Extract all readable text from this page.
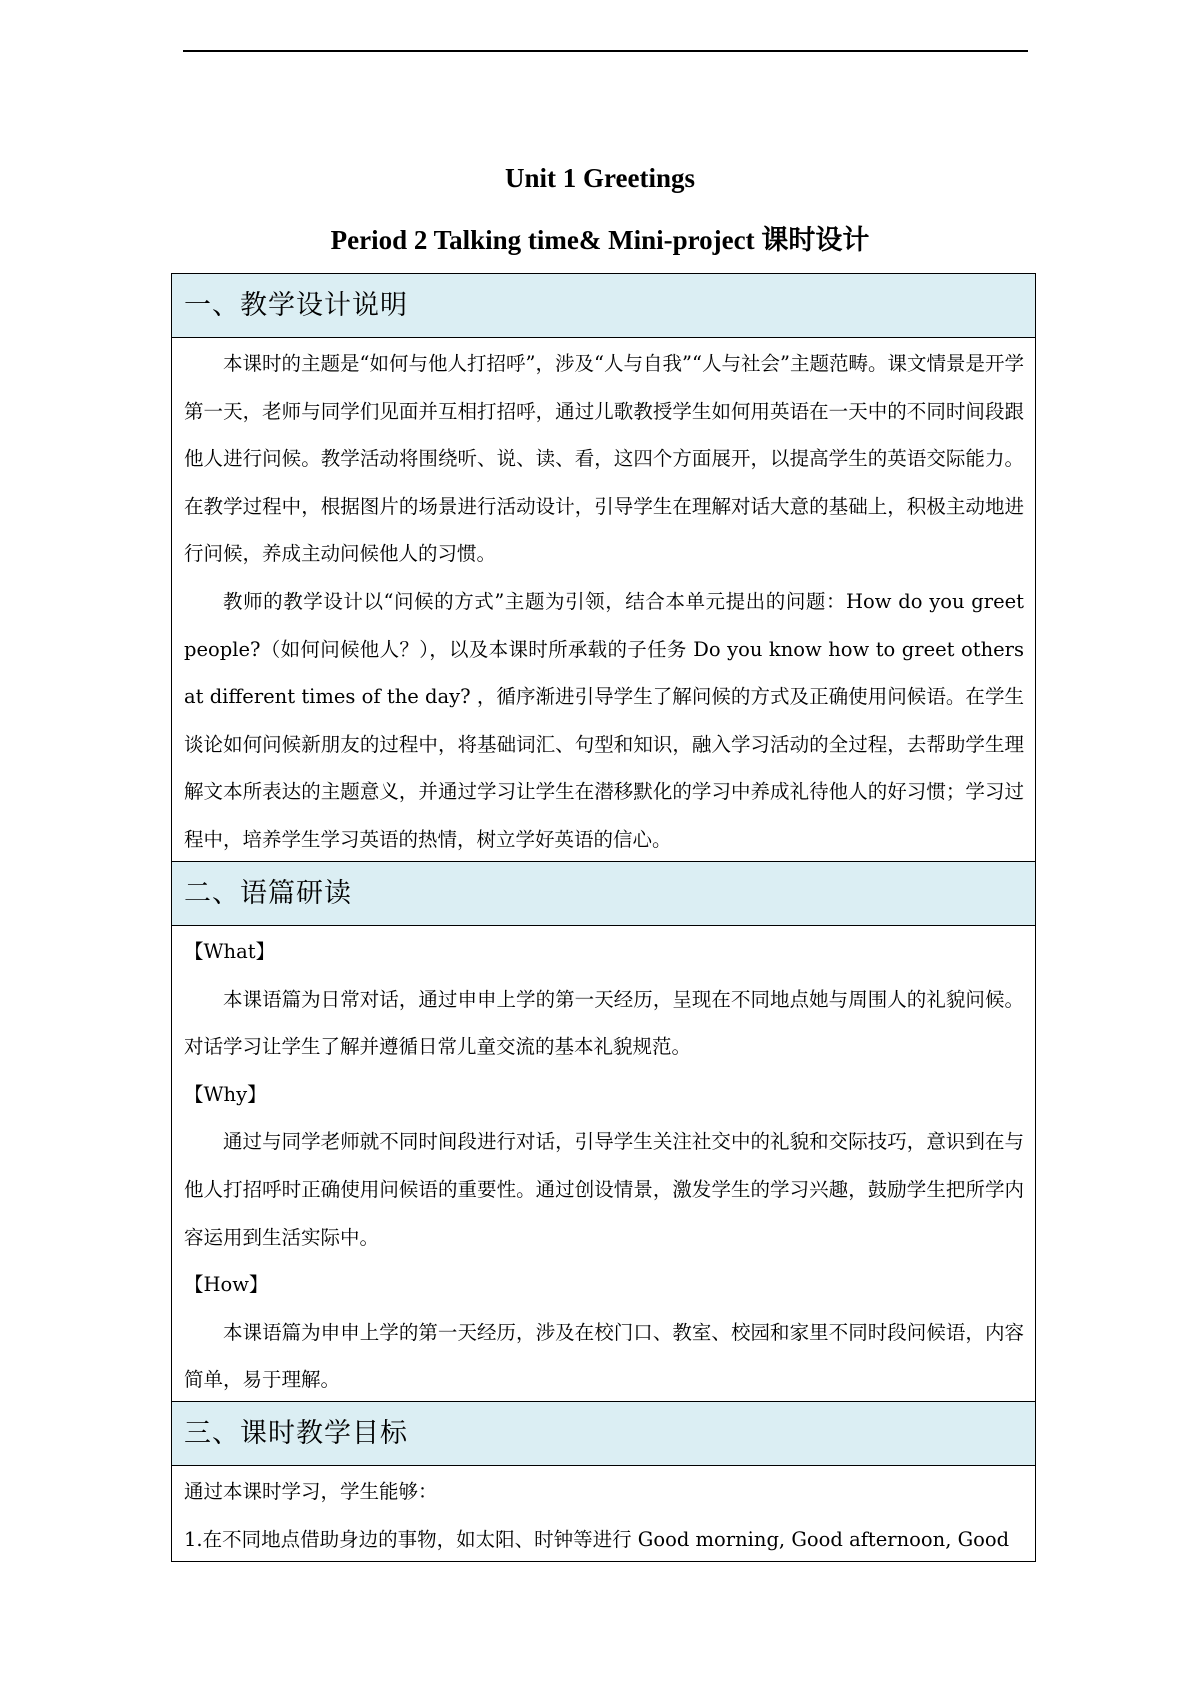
Unit 1 Greetings
Period 2 Talking time& Mini-project 课时设计
一、教学设计说明

本课时的主题是“如何与他人打招呼”，涉及“人与自我”“人与社会”主题范畴。课文情景是开学第一天，老师与同学们见面并互相打招呼，通过儿歌教授学生如何用英语在一天中的不同时间段跟他人进行问候。教学活动将围绕听、说、读、看，这四个方面展开，以提高学生的英语交际能力。在教学过程中，根据图片的场景进行活动设计，引导学生在理解对话大意的基础上，积极主动地进行问候，养成主动问候他人的习惯。

教师的教学设计以“问候的方式”主题为引领，结合本单元提出的问题：How do you greet people?（如何问候他人？），以及本课时所承载的子任务 Do you know how to greet others at different times of the day? ，循序渐进引导学生了解问候的方式及正确使用问候语。在学生谈论如何问候新朋友的过程中，将基础词汇、句型和知识，融入学习活动的全过程，去帮助学生理解文本所表达的主题意义，并通过学习让学生在潜移默化的学习中养成礼待他人的好习惯；学习过程中，培养学生学习英语的热情，树立学好英语的信心。

二、语篇研读

【What】

本课语篇为日常对话，通过申申上学的第一天经历，呈现在不同地点她与周围人的礼貌问候。对话学习让学生了解并遵循日常儿童交流的基本礼貌规范。

【Why】

通过与同学老师就不同时间段进行对话，引导学生关注社交中的礼貌和交际技巧，意识到在与他人打招呼时正确使用问候语的重要性。通过创设情景，激发学生的学习兴趣，鼓励学生把所学内容运用到生活实际中。

【How】

本课语篇为申申上学的第一天经历，涉及在校门口、教室、校园和家里不同时段问候语，内容简单，易于理解。

三、课时教学目标

通过本课时学习，学生能够：

1.在不同地点借助身边的事物，如太阳、时钟等进行 Good morning, Good afternoon, Good
